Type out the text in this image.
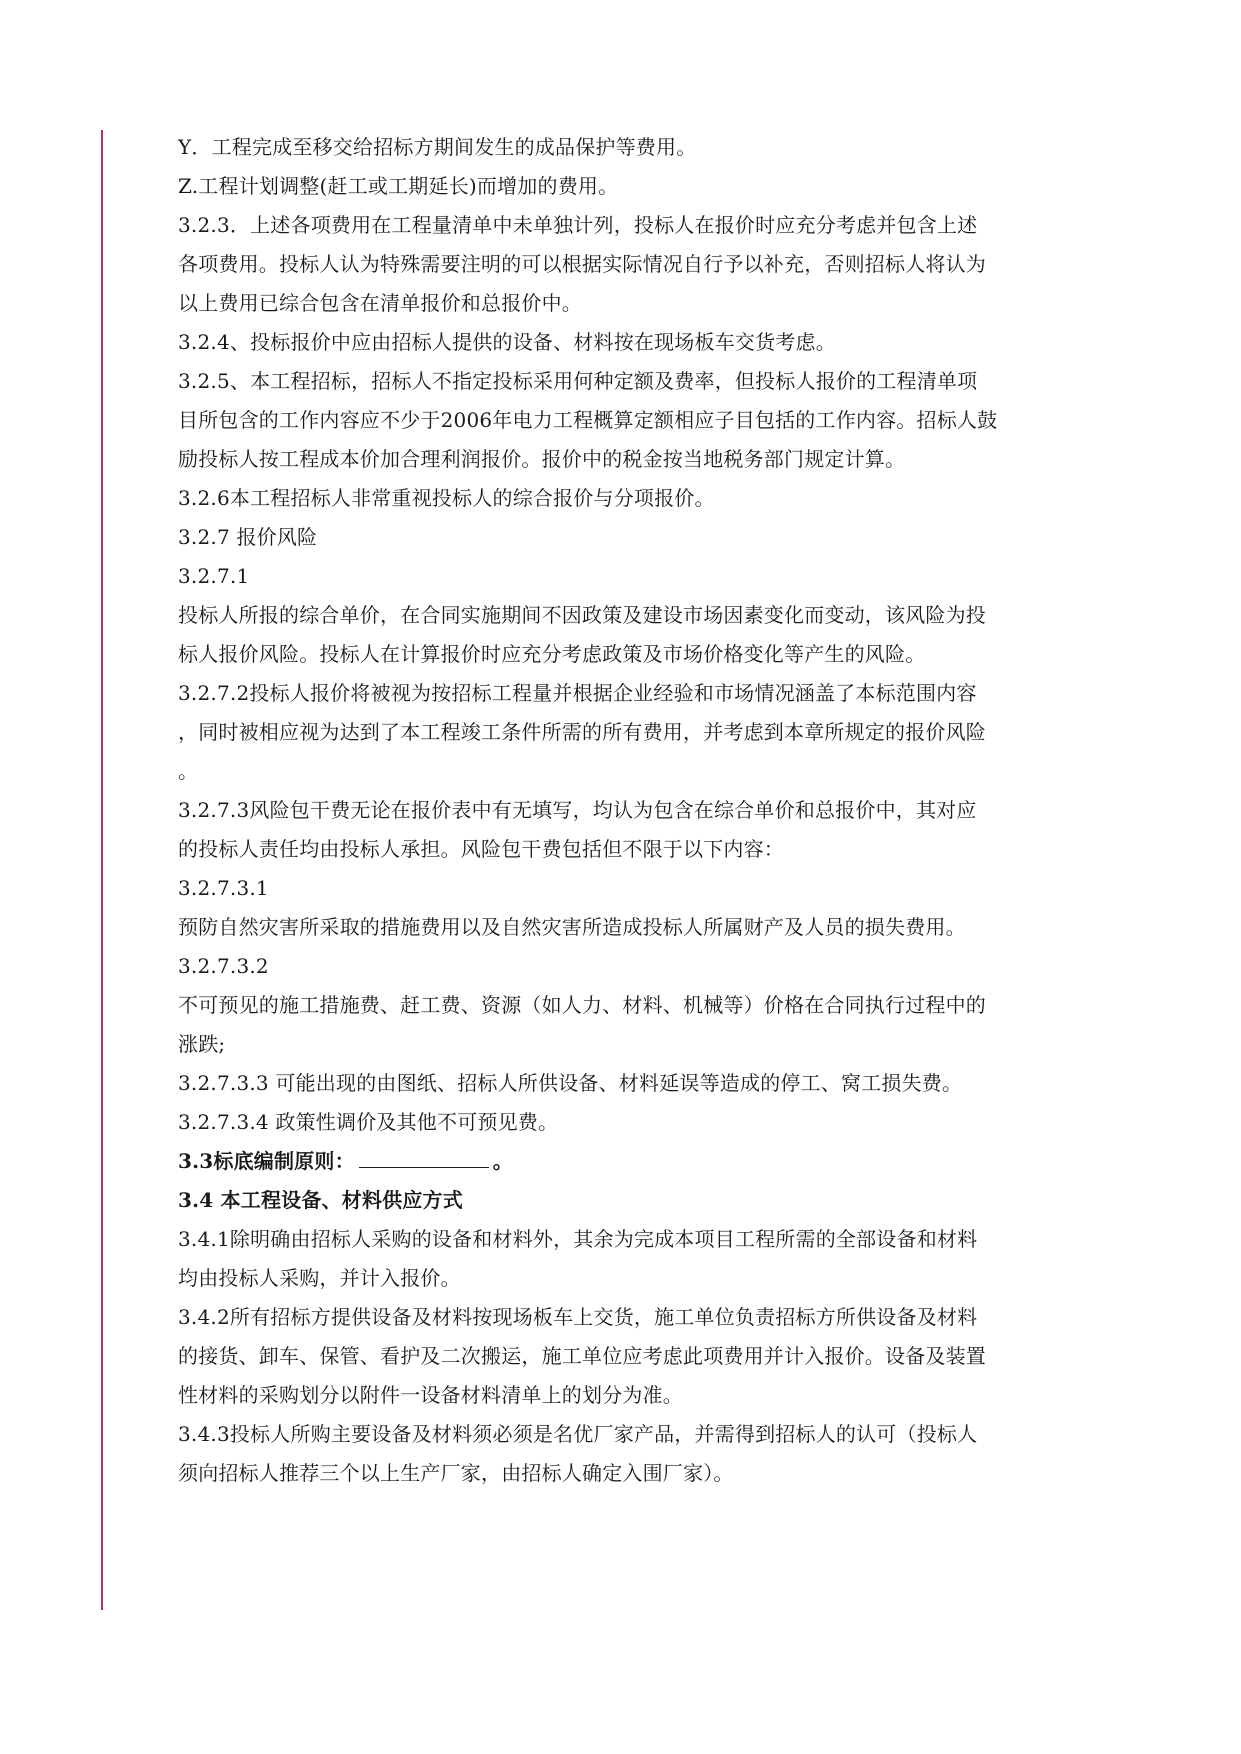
Y．工程完成至移交给招标方期间发生的成品保护等费用。
Z.工程计划调整(赶工或工期延长)而增加的费用。
3.2.3．上述各项费用在工程量清单中未单独计列，投标人在报价时应充分考虑并包含上述
各项费用。投标人认为特殊需要注明的可以根据实际情况自行予以补充，否则招标人将认为
以上费用已综合包含在清单报价和总报价中。
3.2.4、投标报价中应由招标人提供的设备、材料按在现场板车交货考虑。
3.2.5、本工程招标，招标人不指定投标采用何种定额及费率，但投标人报价的工程清单项
目所包含的工作内容应不少于2006年电力工程概算定额相应子目包括的工作内容。招标人鼓
励投标人按工程成本价加合理利润报价。报价中的税金按当地税务部门规定计算。
3.2.6本工程招标人非常重视投标人的综合报价与分项报价。
3.2.7 报价风险
3.2.7.1
投标人所报的综合单价，在合同实施期间不因政策及建设市场因素变化而变动，该风险为投
标人报价风险。投标人在计算报价时应充分考虑政策及市场价格变化等产生的风险。
3.2.7.2投标人报价将被视为按招标工程量并根据企业经验和市场情况涵盖了本标范围内容
，同时被相应视为达到了本工程竣工条件所需的所有费用，并考虑到本章所规定的报价风险
。
3.2.7.3风险包干费无论在报价表中有无填写，均认为包含在综合单价和总报价中，其对应
的投标人责任均由投标人承担。风险包干费包括但不限于以下内容：
3.2.7.3.1
预防自然灾害所采取的措施费用以及自然灾害所造成投标人所属财产及人员的损失费用。
3.2.7.3.2
不可预见的施工措施费、赶工费、资源（如人力、材料、机械等）价格在合同执行过程中的
涨跌;
3.2.7.3.3 可能出现的由图纸、招标人所供设备、材料延误等造成的停工、窝工损失费。
3.2.7.3.4 政策性调价及其他不可预见费。
3.3标底编制原则：	。
3.4 本工程设备、材料供应方式
3.4.1除明确由招标人采购的设备和材料外，其余为完成本项目工程所需的全部设备和材料
均由投标人采购，并计入报价。
3.4.2所有招标方提供设备及材料按现场板车上交货，施工单位负责招标方所供设备及材料
的接货、卸车、保管、看护及二次搬运，施工单位应考虑此项费用并计入报价。设备及装置
性材料的采购划分以附件一设备材料清单上的划分为准。
3.4.3投标人所购主要设备及材料须必须是名优厂家产品，并需得到招标人的认可（投标人
须向招标人推荐三个以上生产厂家，由招标人确定入围厂家）。
